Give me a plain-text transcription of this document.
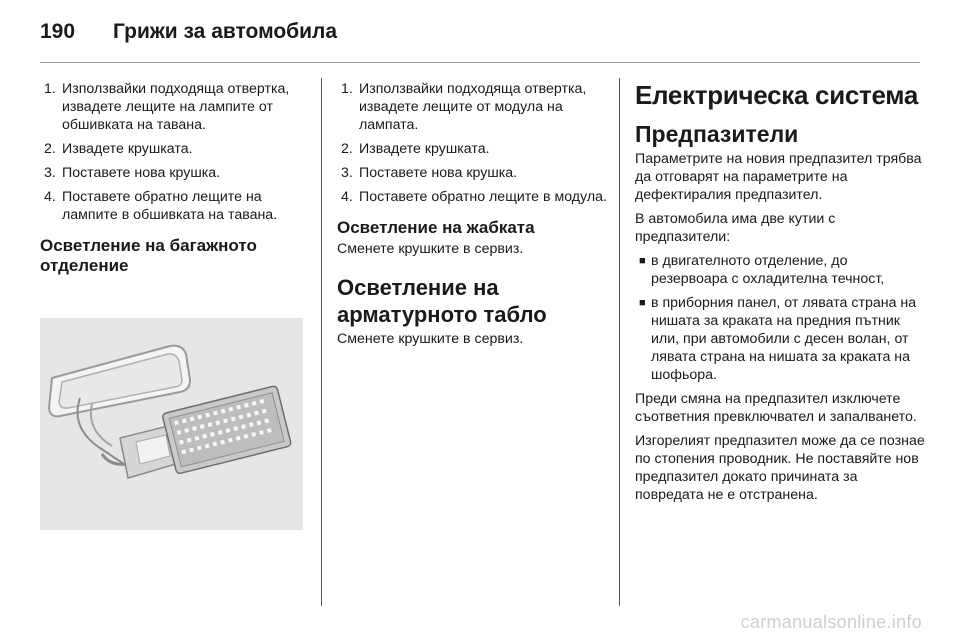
190 Грижи за автомобила
1. Използвайки подходяща отвертка, извадете лещите на лампите от обшивката на тавана.
2. Извадете крушката.
3. Поставете нова крушка.
4. Поставете обратно лещите на лампите в обшивката на тавана.
Осветление на багажното отделение
1. Използвайки подходяща отвертка, извадете лещите от модула на лампата.
2. Извадете крушката.
3. Поставете нова крушка.
4. Поставете обратно лещите в модула.
Осветление на жабката

Сменете крушките в сервиз.

Осветление на арматурното табло

Сменете крушките в сервиз.

Електрическа система
Предпазители

Параметрите на новия предпазител трябва да отговарят на параметрите на дефектиралия предпазител.

В автомобила има две кутии с предпазители:

■ в двигателното отделение, до резервоара с охладителна течност,
■ в приборния панел, от лявата страна на нишата за краката на предния пътник или, при автомобили с десен волан, от лявата страна на нишата за краката на шофьора.

Преди смяна на предпазител изключете съответния превключвател и запалването.

Изгорелият предпазител може да се познае по стопения проводник. Не поставяйте нов предпазител докато причината за повредата не е отстранена.

carmanualsonline.info
